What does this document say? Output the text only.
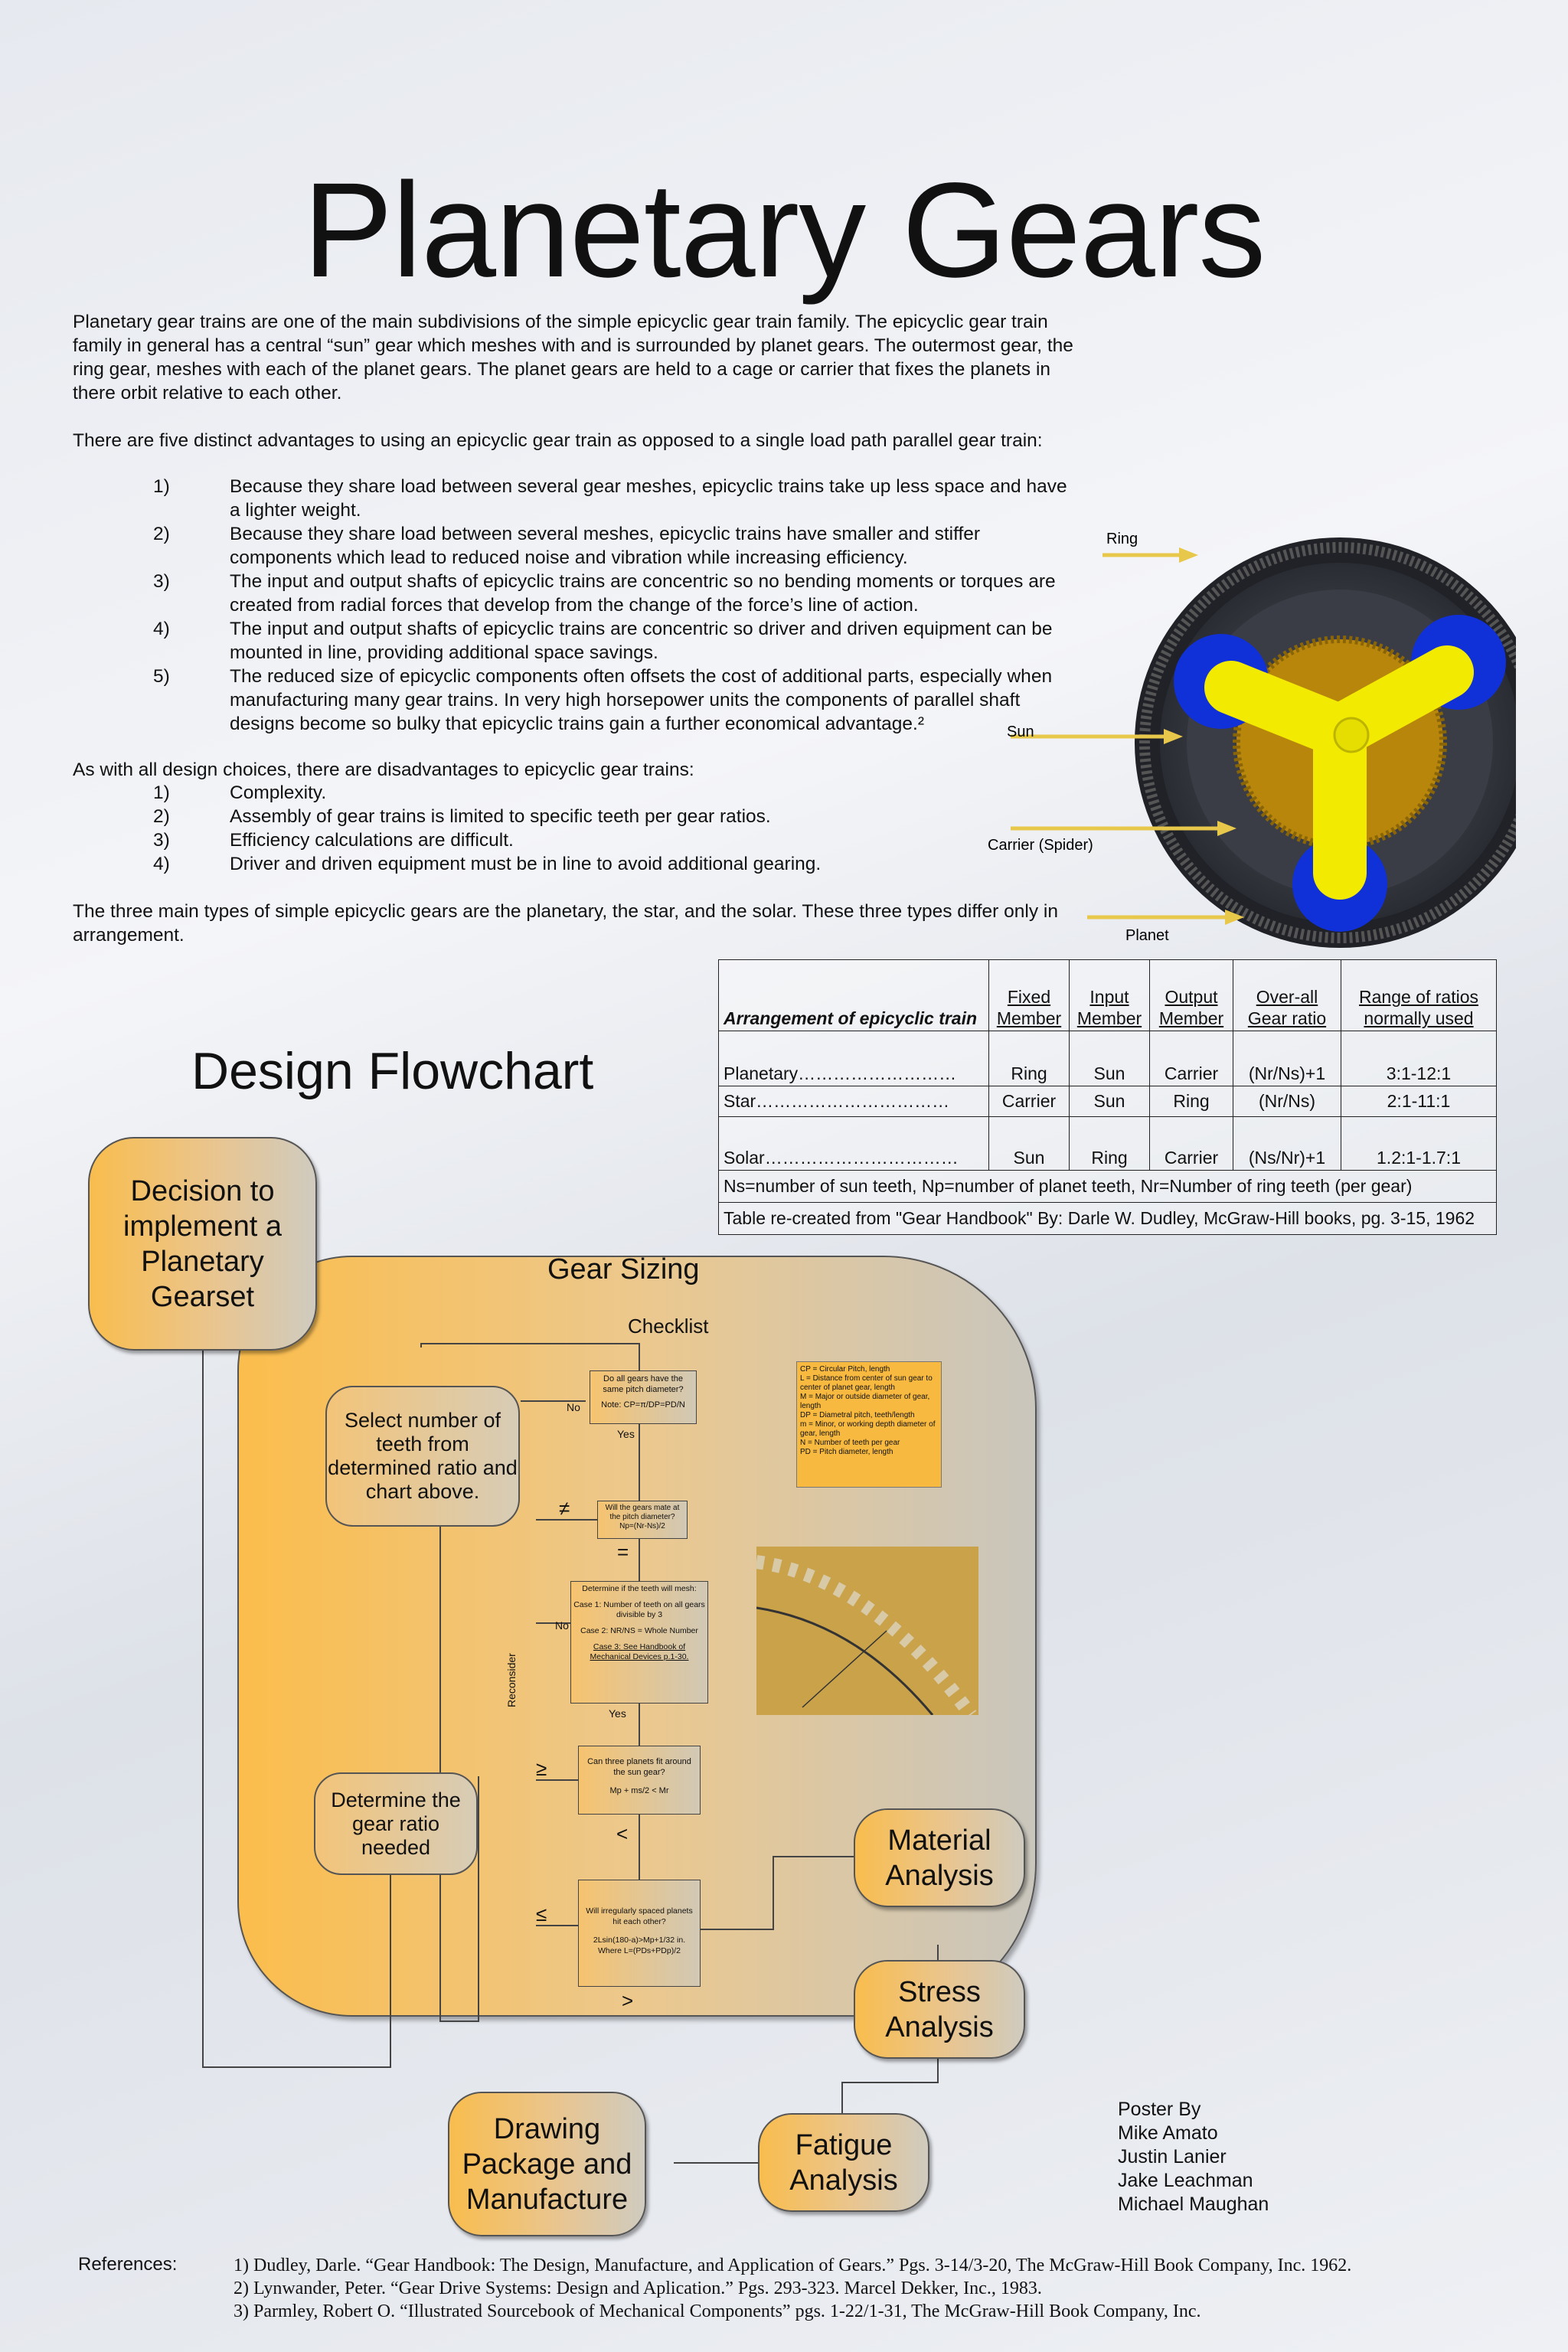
Planetary Gears
Planetary gear trains are one of the main subdivisions of the simple epicyclic gear train family. The epicyclic gear train family in general has a central “sun” gear which meshes with and is surrounded by planet gears. The outermost gear, the ring gear, meshes with each of the planet gears. The planet gears are held to a cage or carrier that fixes the planets in there orbit relative to each other.
There are five distinct advantages to using an epicyclic gear train as opposed to a single load path parallel gear train:
1)	Because they share load between several gear meshes, epicyclic trains take up less space and have a lighter weight.
2)	Because they share load between several meshes, epicyclic trains have smaller and stiffer components which lead to reduced noise and vibration while increasing efficiency.
3)	The input and output shafts of epicyclic trains are concentric so no bending moments or torques are created from radial forces that develop from the change of the force’s line of action.
4)	The input and output shafts of epicyclic trains are concentric so driver and driven equipment can be mounted in line, providing additional space savings.
5)	The reduced size of epicyclic components often offsets the cost of additional parts, especially when manufacturing many gear trains. In very high horsepower units the components of parallel shaft designs become so bulky that epicyclic trains gain a further economical advantage.²
As with all design choices, there are disadvantages to epicyclic gear trains:
1)	Complexity.
2)	Assembly of gear trains is limited to specific teeth per gear ratios.
3)	Efficiency calculations are difficult.
4)	Driver and driven equipment must be in line to avoid additional gearing.
The three main types of simple epicyclic gears are the planetary, the star, and the solar. These three types differ only in arrangement.
Ring
Sun
Carrier (Spider)
Planet
Arrangement of epicyclic train	Fixed Member	Input Member	Output Member	Over-all Gear ratio	Range of ratios normally used
Planetary………………………	Ring	Sun	Carrier	(Nr/Ns)+1	3:1-12:1
Star……………………………	Carrier	Sun	Ring	(Nr/Ns)	2:1-11:1
Solar……………………………	Sun	Ring	Carrier	(Ns/Nr)+1	1.2:1-1.7:1
Ns=number of sun teeth, Np=number of planet teeth, Nr=Number of ring teeth (per gear)					
Table re-created from "Gear Handbook" By: Darle W. Dudley, McGraw-Hill books, pg. 3-15, 1962					
Design Flowchart
Decision to implement a Planetary Gearset
Gear Sizing
Checklist
Select number of teeth from determined ratio and chart above.
Determine the gear ratio needed
Reconsider
Do all gears have the same pitch diameter?
Note: CP=π/DP=PD/N
No
Yes
≠	Will the gears mate at the pitch diameter?
Np=(Nr-Ns)/2
=
Determine if the teeth will mesh:
Case 1: Number of teeth on all gears divisible by 3
Case 2: NR/NS = Whole Number
Case 3: See Handbook of Mechanical Devices p.1-30.
No
Yes
≥	Can three planets fit around the sun gear?
Mp + ms/2 < Mr
<
≤	Will irregularly spaced planets hit each other?
2Lsin(180-a)>Mp+1/32 in. Where L=(PDs+PDp)/2
>
CP = Circular Pitch, length
L = Distance from center of sun gear to center of planet gear, length
M = Major or outside diameter of gear, length
DP = Diametral pitch, teeth/length
m = Minor, or working depth diameter of gear, length
N = Number of teeth per gear
PD = Pitch diameter, length
Material Analysis
Stress Analysis
Fatigue Analysis
Drawing Package and Manufacture
Poster By
Mike Amato
Justin Lanier
Jake Leachman
Michael Maughan
References:	1) Dudley, Darle. “Gear Handbook: The Design, Manufacture, and Application of Gears.” Pgs. 3-14/3-20, The McGraw-Hill Book Company, Inc. 1962.
2) Lynwander, Peter. “Gear Drive Systems: Design and Aplication.” Pgs. 293-323. Marcel Dekker, Inc., 1983.
3) Parmley, Robert O. “Illustrated Sourcebook of Mechanical Components” pgs. 1-22/1-31, The McGraw-Hill Book Company, Inc.
